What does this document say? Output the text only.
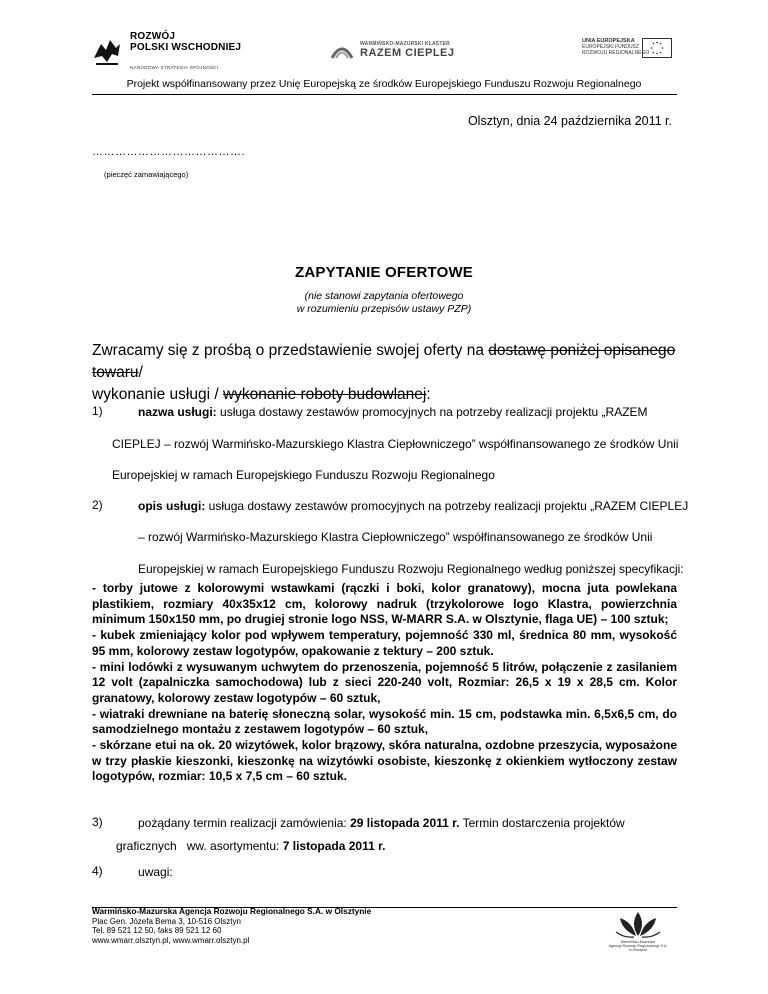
ROZWÓJ
POLSKI WSCHODNIEJ
NARODOWA STRATEGIA SPÓJNOŚCI
WARMIŃSKO-MAZURSKI KLASTER
RAZEM CIEPLEJ
UNIA EUROPEJSKA
EUROPEJSKI FUNDUSZ
ROZWOJU REGIONALNEGO
Projekt współfinansowany przez Unię Europejską ze środków Europejskiego Funduszu Rozwoju Regionalnego
Olsztyn, dnia 24 października 2011 r.
………………………………….
(pieczęć zamawiającego)
ZAPYTANIE OFERTOWE
(nie stanowi zapytania ofertowego
w rozumieniu przepisów ustawy PZP)
Zwracamy się z prośbą o przedstawienie swojej oferty na dostawę poniżej opisanego towaru/
wykonanie usługi / wykonanie roboty budowlanej:
1)	nazwa usługi: usługa dostawy zestawów promocyjnych na potrzeby realizacji projektu „RAZEM
CIEPLEJ – rozwój Warmińsko-Mazurskiego Klastra Ciepłowniczego” współfinansowanego ze środków Unii
Europejskiej w ramach Europejskiego Funduszu Rozwoju Regionalnego
2)	opis usługi: usługa dostawy zestawów promocyjnych na potrzeby realizacji projektu „RAZEM CIEPLEJ
– rozwój Warmińsko-Mazurskiego Klastra Ciepłowniczego” współfinansowanego ze środków Unii
Europejskiej w ramach Europejskiego Funduszu Rozwoju Regionalnego według poniższej specyfikacji:
- torby jutowe z kolorowymi wstawkami (rączki i boki, kolor granatowy), mocna juta powlekana plastikiem, rozmiary 40x35x12 cm, kolorowy nadruk (trzykolorowe logo Klastra, powierzchnia minimum 150x150 mm, po drugiej stronie logo NSS, W-MARR S.A. w Olsztynie, flaga UE) – 100 sztuk;
- kubek zmieniający kolor pod wpływem temperatury, pojemność 330 ml, średnica 80 mm, wysokość 95 mm, kolorowy zestaw logotypów, opakowanie z tektury – 200 sztuk.
- mini lodówki z wysuwanym uchwytem do przenoszenia, pojemność 5 litrów, połączenie z zasilaniem 12 volt (zapalniczka samochodowa) lub z sieci 220-240 volt, Rozmiar: 26,5 x 19 x 28,5 cm. Kolor granatowy, kolorowy zestaw logotypów – 60 sztuk,
- wiatraki drewniane na baterię słoneczną solar, wysokość min. 15 cm, podstawka min. 6,5x6,5 cm, do samodzielnego montażu z zestawem logotypów – 60 sztuk,
- skórzane etui na ok. 20 wizytówek, kolor brązowy, skóra naturalna, ozdobne przeszycia, wyposażone w trzy płaskie kieszonki, kieszonkę na wizytówki osobiste, kieszonkę z okienkiem wytłoczony zestaw logotypów, rozmiar: 10,5 x 7,5 cm – 60 sztuk.
3)	pożądany termin realizacji zamówienia: 29 listopada 2011 r. Termin dostarczenia projektów
graficznych   ww. asortymentu: 7 listopada 2011 r.
4)	uwagi:
Warmińsko-Mazurska Agencja Rozwoju Regionalnego S.A. w Olsztynie
Plac Gen. Józefa Bema 3, 10-516 Olsztyn
Tel. 89 521 12 50, faks 89 521 12 60
www.wmarr.olsztyn.pl, www.wmarr.olsztyn.pl	Warmińsko-Mazurska
Agencja Rozwoju Regionalnego S.A.
w Olsztynie
